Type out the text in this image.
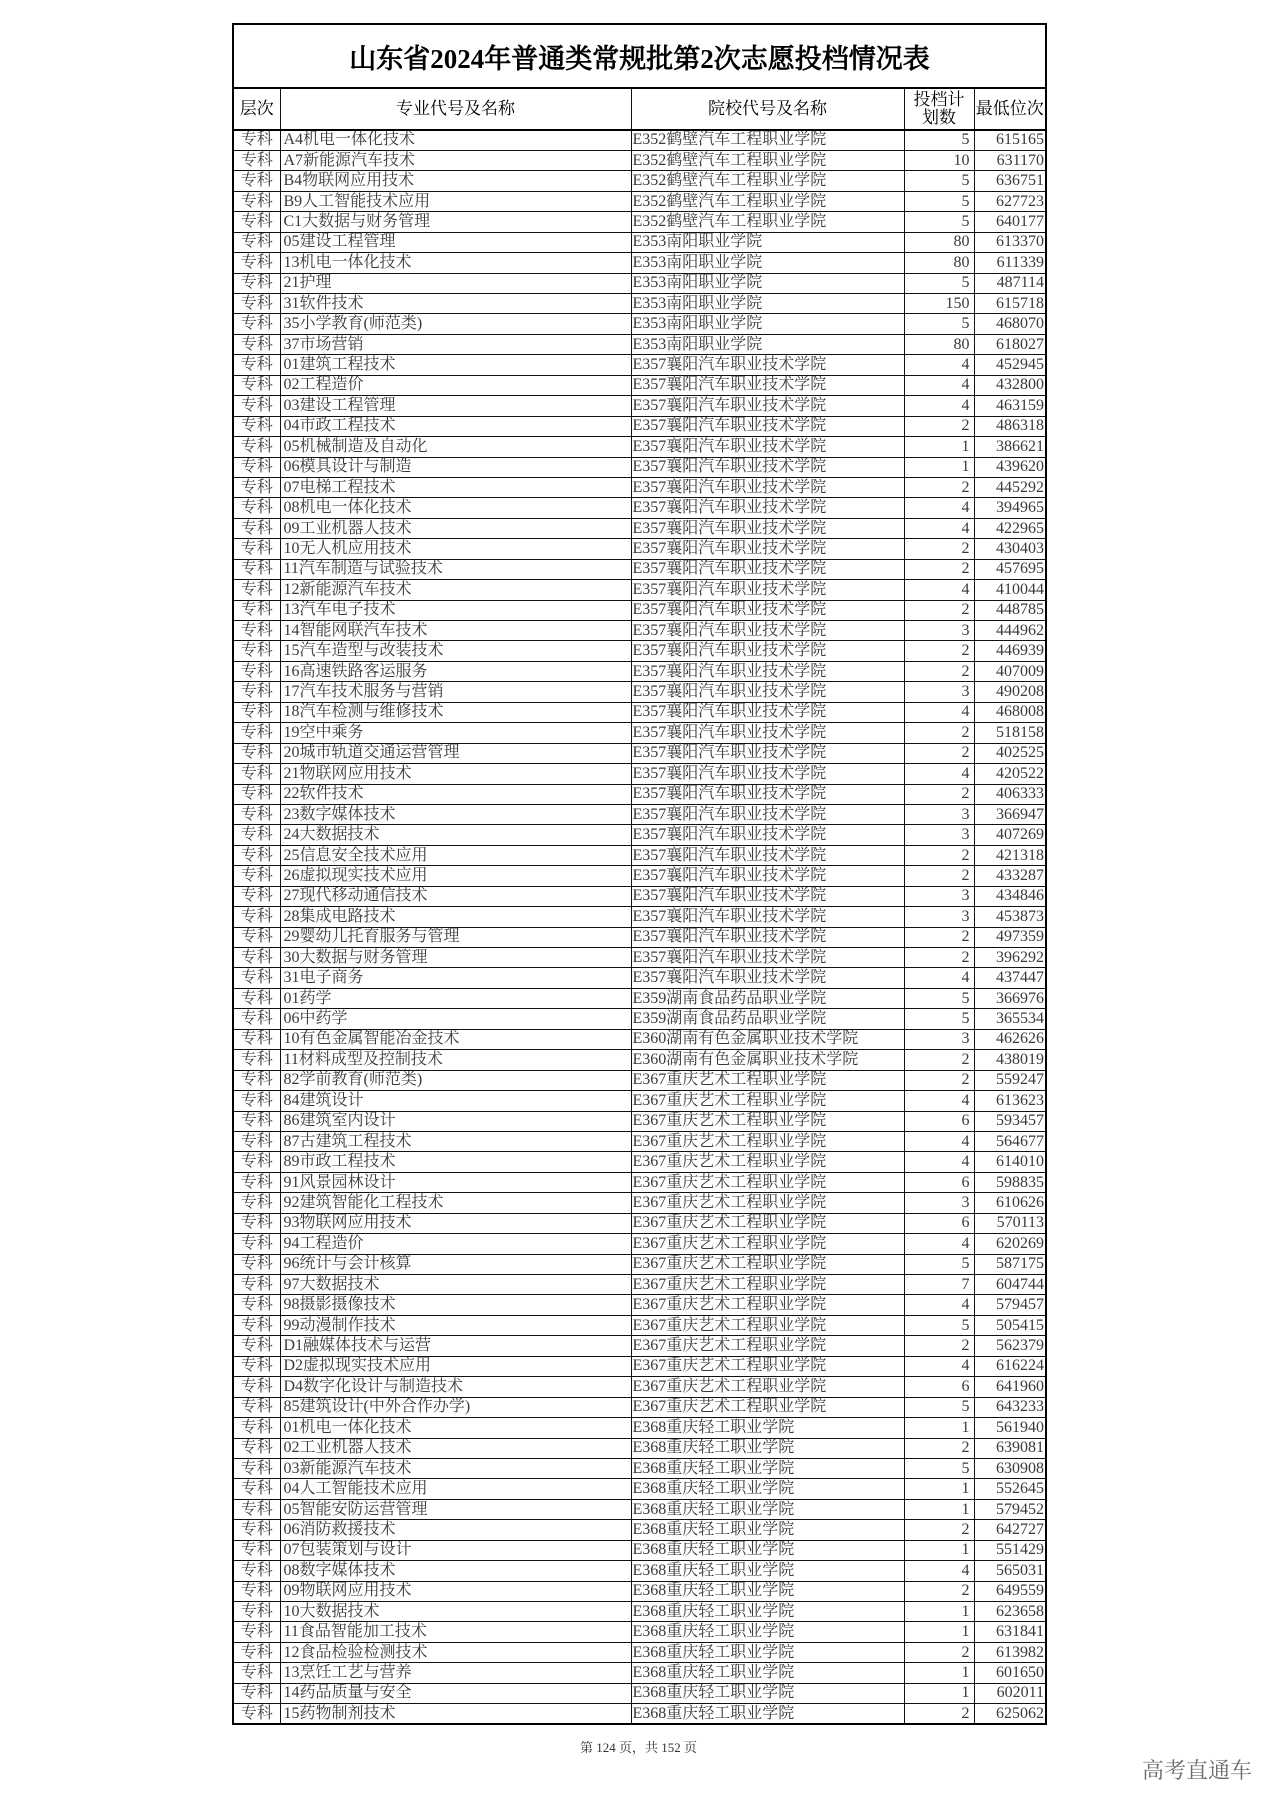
山东省2024年普通类常规批第2次志愿投档情况表				
层次	专业代号及名称	院校代号及名称	投档计划数	最低位次
专科	A4机电一体化技术	E352鹤壁汽车工程职业学院	5	615165
专科	A7新能源汽车技术	E352鹤壁汽车工程职业学院	10	631170
专科	B4物联网应用技术	E352鹤壁汽车工程职业学院	5	636751
专科	B9人工智能技术应用	E352鹤壁汽车工程职业学院	5	627723
专科	C1大数据与财务管理	E352鹤壁汽车工程职业学院	5	640177
专科	05建设工程管理	E353南阳职业学院	80	613370
专科	13机电一体化技术	E353南阳职业学院	80	611339
专科	21护理	E353南阳职业学院	5	487114
专科	31软件技术	E353南阳职业学院	150	615718
专科	35小学教育(师范类)	E353南阳职业学院	5	468070
专科	37市场营销	E353南阳职业学院	80	618027
专科	01建筑工程技术	E357襄阳汽车职业技术学院	4	452945
专科	02工程造价	E357襄阳汽车职业技术学院	4	432800
专科	03建设工程管理	E357襄阳汽车职业技术学院	4	463159
专科	04市政工程技术	E357襄阳汽车职业技术学院	2	486318
专科	05机械制造及自动化	E357襄阳汽车职业技术学院	1	386621
专科	06模具设计与制造	E357襄阳汽车职业技术学院	1	439620
专科	07电梯工程技术	E357襄阳汽车职业技术学院	2	445292
专科	08机电一体化技术	E357襄阳汽车职业技术学院	4	394965
专科	09工业机器人技术	E357襄阳汽车职业技术学院	4	422965
专科	10无人机应用技术	E357襄阳汽车职业技术学院	2	430403
专科	11汽车制造与试验技术	E357襄阳汽车职业技术学院	2	457695
专科	12新能源汽车技术	E357襄阳汽车职业技术学院	4	410044
专科	13汽车电子技术	E357襄阳汽车职业技术学院	2	448785
专科	14智能网联汽车技术	E357襄阳汽车职业技术学院	3	444962
专科	15汽车造型与改装技术	E357襄阳汽车职业技术学院	2	446939
专科	16高速铁路客运服务	E357襄阳汽车职业技术学院	2	407009
专科	17汽车技术服务与营销	E357襄阳汽车职业技术学院	3	490208
专科	18汽车检测与维修技术	E357襄阳汽车职业技术学院	4	468008
专科	19空中乘务	E357襄阳汽车职业技术学院	2	518158
专科	20城市轨道交通运营管理	E357襄阳汽车职业技术学院	2	402525
专科	21物联网应用技术	E357襄阳汽车职业技术学院	4	420522
专科	22软件技术	E357襄阳汽车职业技术学院	2	406333
专科	23数字媒体技术	E357襄阳汽车职业技术学院	3	366947
专科	24大数据技术	E357襄阳汽车职业技术学院	3	407269
专科	25信息安全技术应用	E357襄阳汽车职业技术学院	2	421318
专科	26虚拟现实技术应用	E357襄阳汽车职业技术学院	2	433287
专科	27现代移动通信技术	E357襄阳汽车职业技术学院	3	434846
专科	28集成电路技术	E357襄阳汽车职业技术学院	3	453873
专科	29婴幼儿托育服务与管理	E357襄阳汽车职业技术学院	2	497359
专科	30大数据与财务管理	E357襄阳汽车职业技术学院	2	396292
专科	31电子商务	E357襄阳汽车职业技术学院	4	437447
专科	01药学	E359湖南食品药品职业学院	5	366976
专科	06中药学	E359湖南食品药品职业学院	5	365534
专科	10有色金属智能冶金技术	E360湖南有色金属职业技术学院	3	462626
专科	11材料成型及控制技术	E360湖南有色金属职业技术学院	2	438019
专科	82学前教育(师范类)	E367重庆艺术工程职业学院	2	559247
专科	84建筑设计	E367重庆艺术工程职业学院	4	613623
专科	86建筑室内设计	E367重庆艺术工程职业学院	6	593457
专科	87古建筑工程技术	E367重庆艺术工程职业学院	4	564677
专科	89市政工程技术	E367重庆艺术工程职业学院	4	614010
专科	91风景园林设计	E367重庆艺术工程职业学院	6	598835
专科	92建筑智能化工程技术	E367重庆艺术工程职业学院	3	610626
专科	93物联网应用技术	E367重庆艺术工程职业学院	6	570113
专科	94工程造价	E367重庆艺术工程职业学院	4	620269
专科	96统计与会计核算	E367重庆艺术工程职业学院	5	587175
专科	97大数据技术	E367重庆艺术工程职业学院	7	604744
专科	98摄影摄像技术	E367重庆艺术工程职业学院	4	579457
专科	99动漫制作技术	E367重庆艺术工程职业学院	5	505415
专科	D1融媒体技术与运营	E367重庆艺术工程职业学院	2	562379
专科	D2虚拟现实技术应用	E367重庆艺术工程职业学院	4	616224
专科	D4数字化设计与制造技术	E367重庆艺术工程职业学院	6	641960
专科	85建筑设计(中外合作办学)	E367重庆艺术工程职业学院	5	643233
专科	01机电一体化技术	E368重庆轻工职业学院	1	561940
专科	02工业机器人技术	E368重庆轻工职业学院	2	639081
专科	03新能源汽车技术	E368重庆轻工职业学院	5	630908
专科	04人工智能技术应用	E368重庆轻工职业学院	1	552645
专科	05智能安防运营管理	E368重庆轻工职业学院	1	579452
专科	06消防救援技术	E368重庆轻工职业学院	2	642727
专科	07包装策划与设计	E368重庆轻工职业学院	1	551429
专科	08数字媒体技术	E368重庆轻工职业学院	4	565031
专科	09物联网应用技术	E368重庆轻工职业学院	2	649559
专科	10大数据技术	E368重庆轻工职业学院	1	623658
专科	11食品智能加工技术	E368重庆轻工职业学院	1	631841
专科	12食品检验检测技术	E368重庆轻工职业学院	2	613982
专科	13烹饪工艺与营养	E368重庆轻工职业学院	1	601650
专科	14药品质量与安全	E368重庆轻工职业学院	1	602011
专科	15药物制剂技术	E368重庆轻工职业学院	2	625062
第 124 页，共 152 页
高考直通车
